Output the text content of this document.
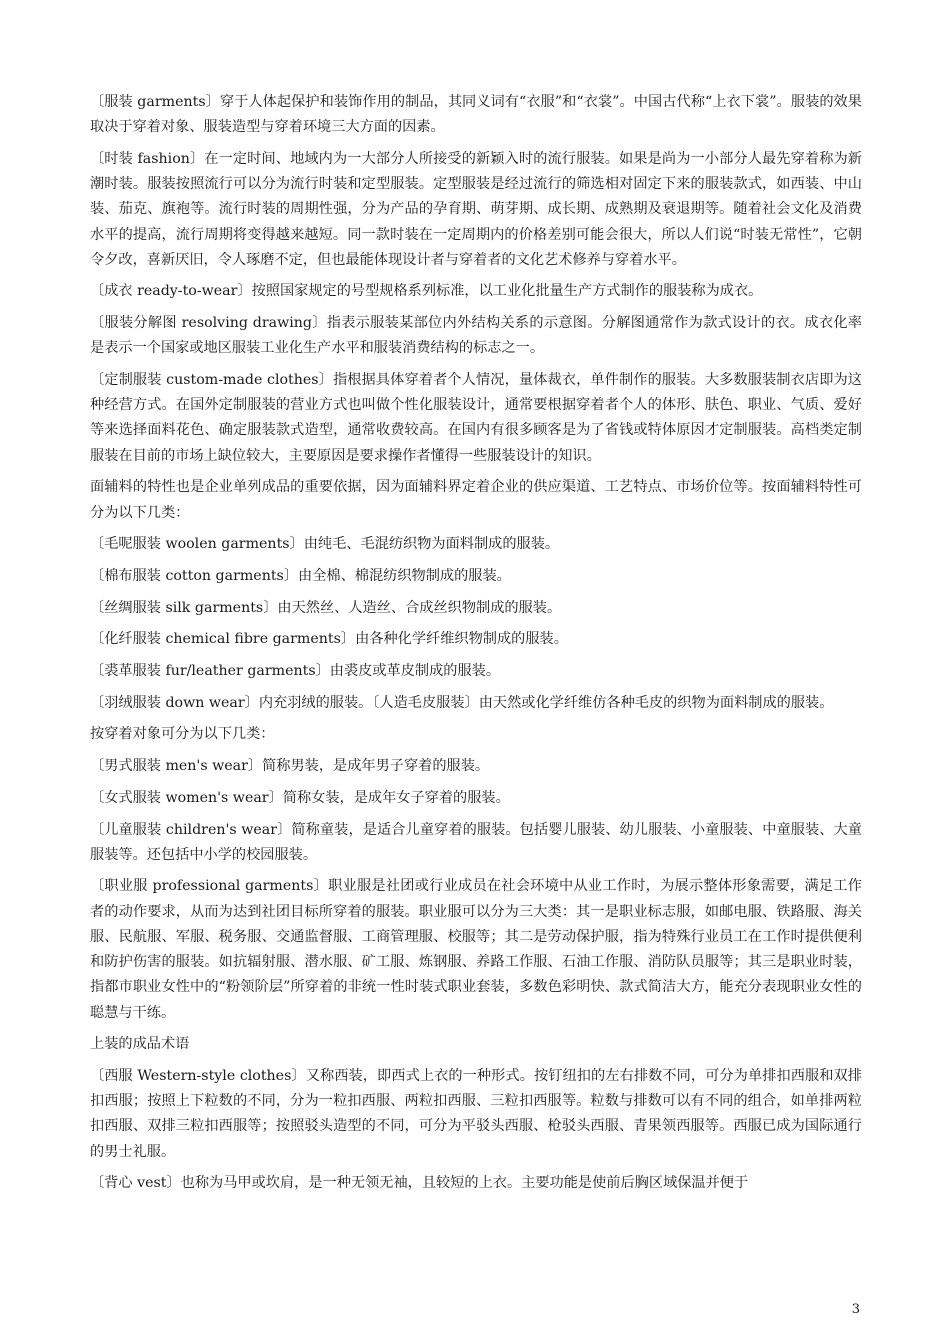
〔服装 garments〕穿于人体起保护和装饰作用的制品，其同义词有“衣服”和“衣裳”。中国古代称“上衣下裳”。服装的效果取决于穿着对象、服装造型与穿着环境三大方面的因素。

〔时装 fashion〕在一定时间、地域内为一大部分人所接受的新颖入时的流行服装。如果是尚为一小部分人最先穿着称为新潮时装。服装按照流行可以分为流行时装和定型服装。定型服装是经过流行的筛选相对固定下来的服装款式，如西装、中山装、茄克、旗袍等。流行时装的周期性强，分为产品的孕育期、萌芽期、成长期、成熟期及衰退期等。随着社会文化及消费水平的提高，流行周期将变得越来越短。同一款时装在一定周期内的价格差别可能会很大，所以人们说“时装无常性”，它朝令夕改，喜新厌旧，令人琢磨不定，但也最能体现设计者与穿着者的文化艺术修养与穿着水平。

〔成衣 ready-to-wear〕按照国家规定的号型规格系列标准，以工业化批量生产方式制作的服装称为成衣。

〔服装分解图 resolving drawing〕指表示服装某部位内外结构关系的示意图。分解图通常作为款式设计的衣。成衣化率是表示一个国家或地区服装工业化生产水平和服装消费结构的标志之一。

〔定制服装 custom-made clothes〕指根据具体穿着者个人情况，量体裁衣，单件制作的服装。大多数服装制衣店即为这种经营方式。在国外定制服装的营业方式也叫做个性化服装设计，通常要根据穿着者个人的体形、肤色、职业、气质、爱好等来选择面料花色、确定服装款式造型，通常收费较高。在国内有很多顾客是为了省钱或特体原因才定制服装。高档类定制服装在目前的市场上缺位较大，主要原因是要求操作者懂得一些服装设计的知识。

面辅料的特性也是企业单列成品的重要依据，因为面辅料界定着企业的供应渠道、工艺特点、市场价位等。按面辅料特性可分为以下几类：

〔毛呢服装 woolen garments〕由纯毛、毛混纺织物为面料制成的服装。

〔棉布服装 cotton garments〕由全棉、棉混纺织物制成的服装。

〔丝绸服装 silk garments〕由天然丝、人造丝、合成丝织物制成的服装。

〔化纤服装 chemical fibre garments〕由各种化学纤维织物制成的服装。

〔裘革服装 fur/leather garments〕由裘皮或革皮制成的服装。

〔羽绒服装 down wear〕内充羽绒的服装。〔人造毛皮服装〕由天然或化学纤维仿各种毛皮的织物为面料制成的服装。

按穿着对象可分为以下几类：

〔男式服装 men's wear〕简称男装，是成年男子穿着的服装。

〔女式服装 women's wear〕简称女装，是成年女子穿着的服装。

〔儿童服装 children's wear〕简称童装，是适合儿童穿着的服装。包括婴儿服装、幼儿服装、小童服装、中童服装、大童服装等。还包括中小学的校园服装。

〔职业服 professional garments〕职业服是社团或行业成员在社会环境中从业工作时，为展示整体形象需要，满足工作者的动作要求，从而为达到社团目标所穿着的服装。职业服可以分为三大类：其一是职业标志服，如邮电服、铁路服、海关服、民航服、军服、税务服、交通监督服、工商管理服、校服等；其二是劳动保护服，指为特殊行业员工在工作时提供便利和防护伤害的服装。如抗辐射服、潜水服、矿工服、炼钢服、养路工作服、石油工作服、消防队员服等；其三是职业时装，指都市职业女性中的“粉领阶层”所穿着的非统一性时装式职业套装，多数色彩明快、款式简洁大方，能充分表现职业女性的聪慧与干练。

上装的成品术语

〔西服 Western-style clothes〕又称西装，即西式上衣的一种形式。按钉纽扣的左右排数不同，可分为单排扣西服和双排扣西服；按照上下粒数的不同，分为一粒扣西服、两粒扣西服、三粒扣西服等。粒数与排数可以有不同的组合，如单排两粒扣西服、双排三粒扣西服等；按照驳头造型的不同，可分为平驳头西服、枪驳头西服、青果领西服等。西服已成为国际通行的男士礼服。

〔背心 vest〕也称为马甲或坎肩，是一种无领无袖，且较短的上衣。主要功能是使前后胸区域保温并便于

3
